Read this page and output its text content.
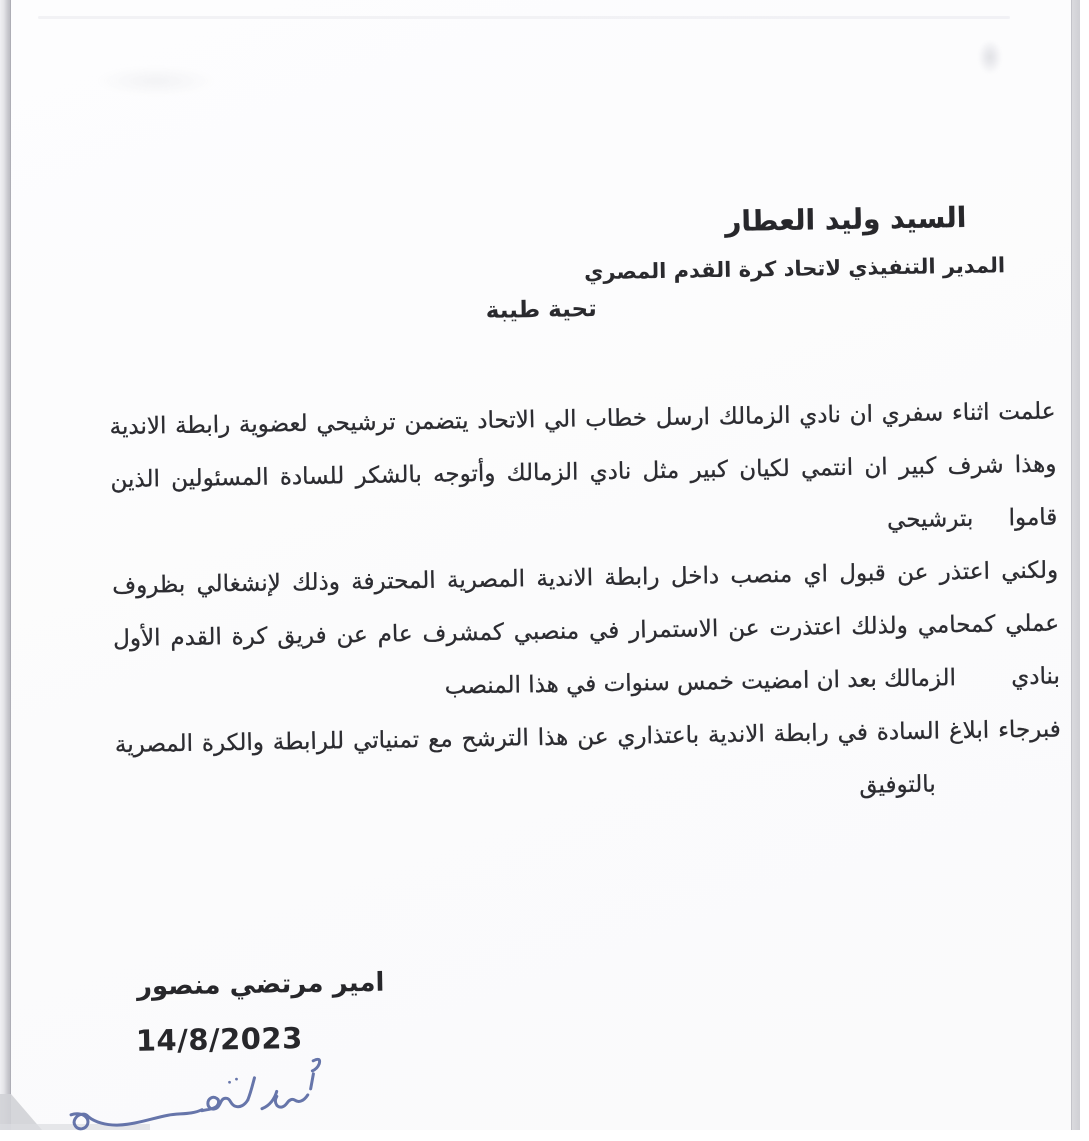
السيد وليد العطار
المدير التنفيذي لاتحاد كرة القدم المصري
تحية طيبة
علمت اثناء سفري ان نادي الزمالك ارسل خطاب الي الاتحاد يتضمن ترشيحي لعضوية رابطة الاندية
وهذا شرف كبير ان انتمي لكيان كبير مثل نادي الزمالك وأتوجه بالشكر للسادة المسئولين الذين قاموا
بترشيحي
ولكني اعتذر عن قبول اي منصب داخل رابطة الاندية المصرية المحترفة وذلك لإنشغالي بظروف
عملي كمحامي ولذلك اعتذرت عن الاستمرار في منصبي كمشرف عام عن فريق كرة القدم الأول بنادي
الزمالك بعد ان امضيت خمس سنوات في هذا المنصب
فبرجاء ابلاغ السادة في رابطة الاندية باعتذاري عن هذا الترشح مع تمنياتي للرابطة والكرة المصرية
بالتوفيق
امير مرتضي منصور
14/8/2023
